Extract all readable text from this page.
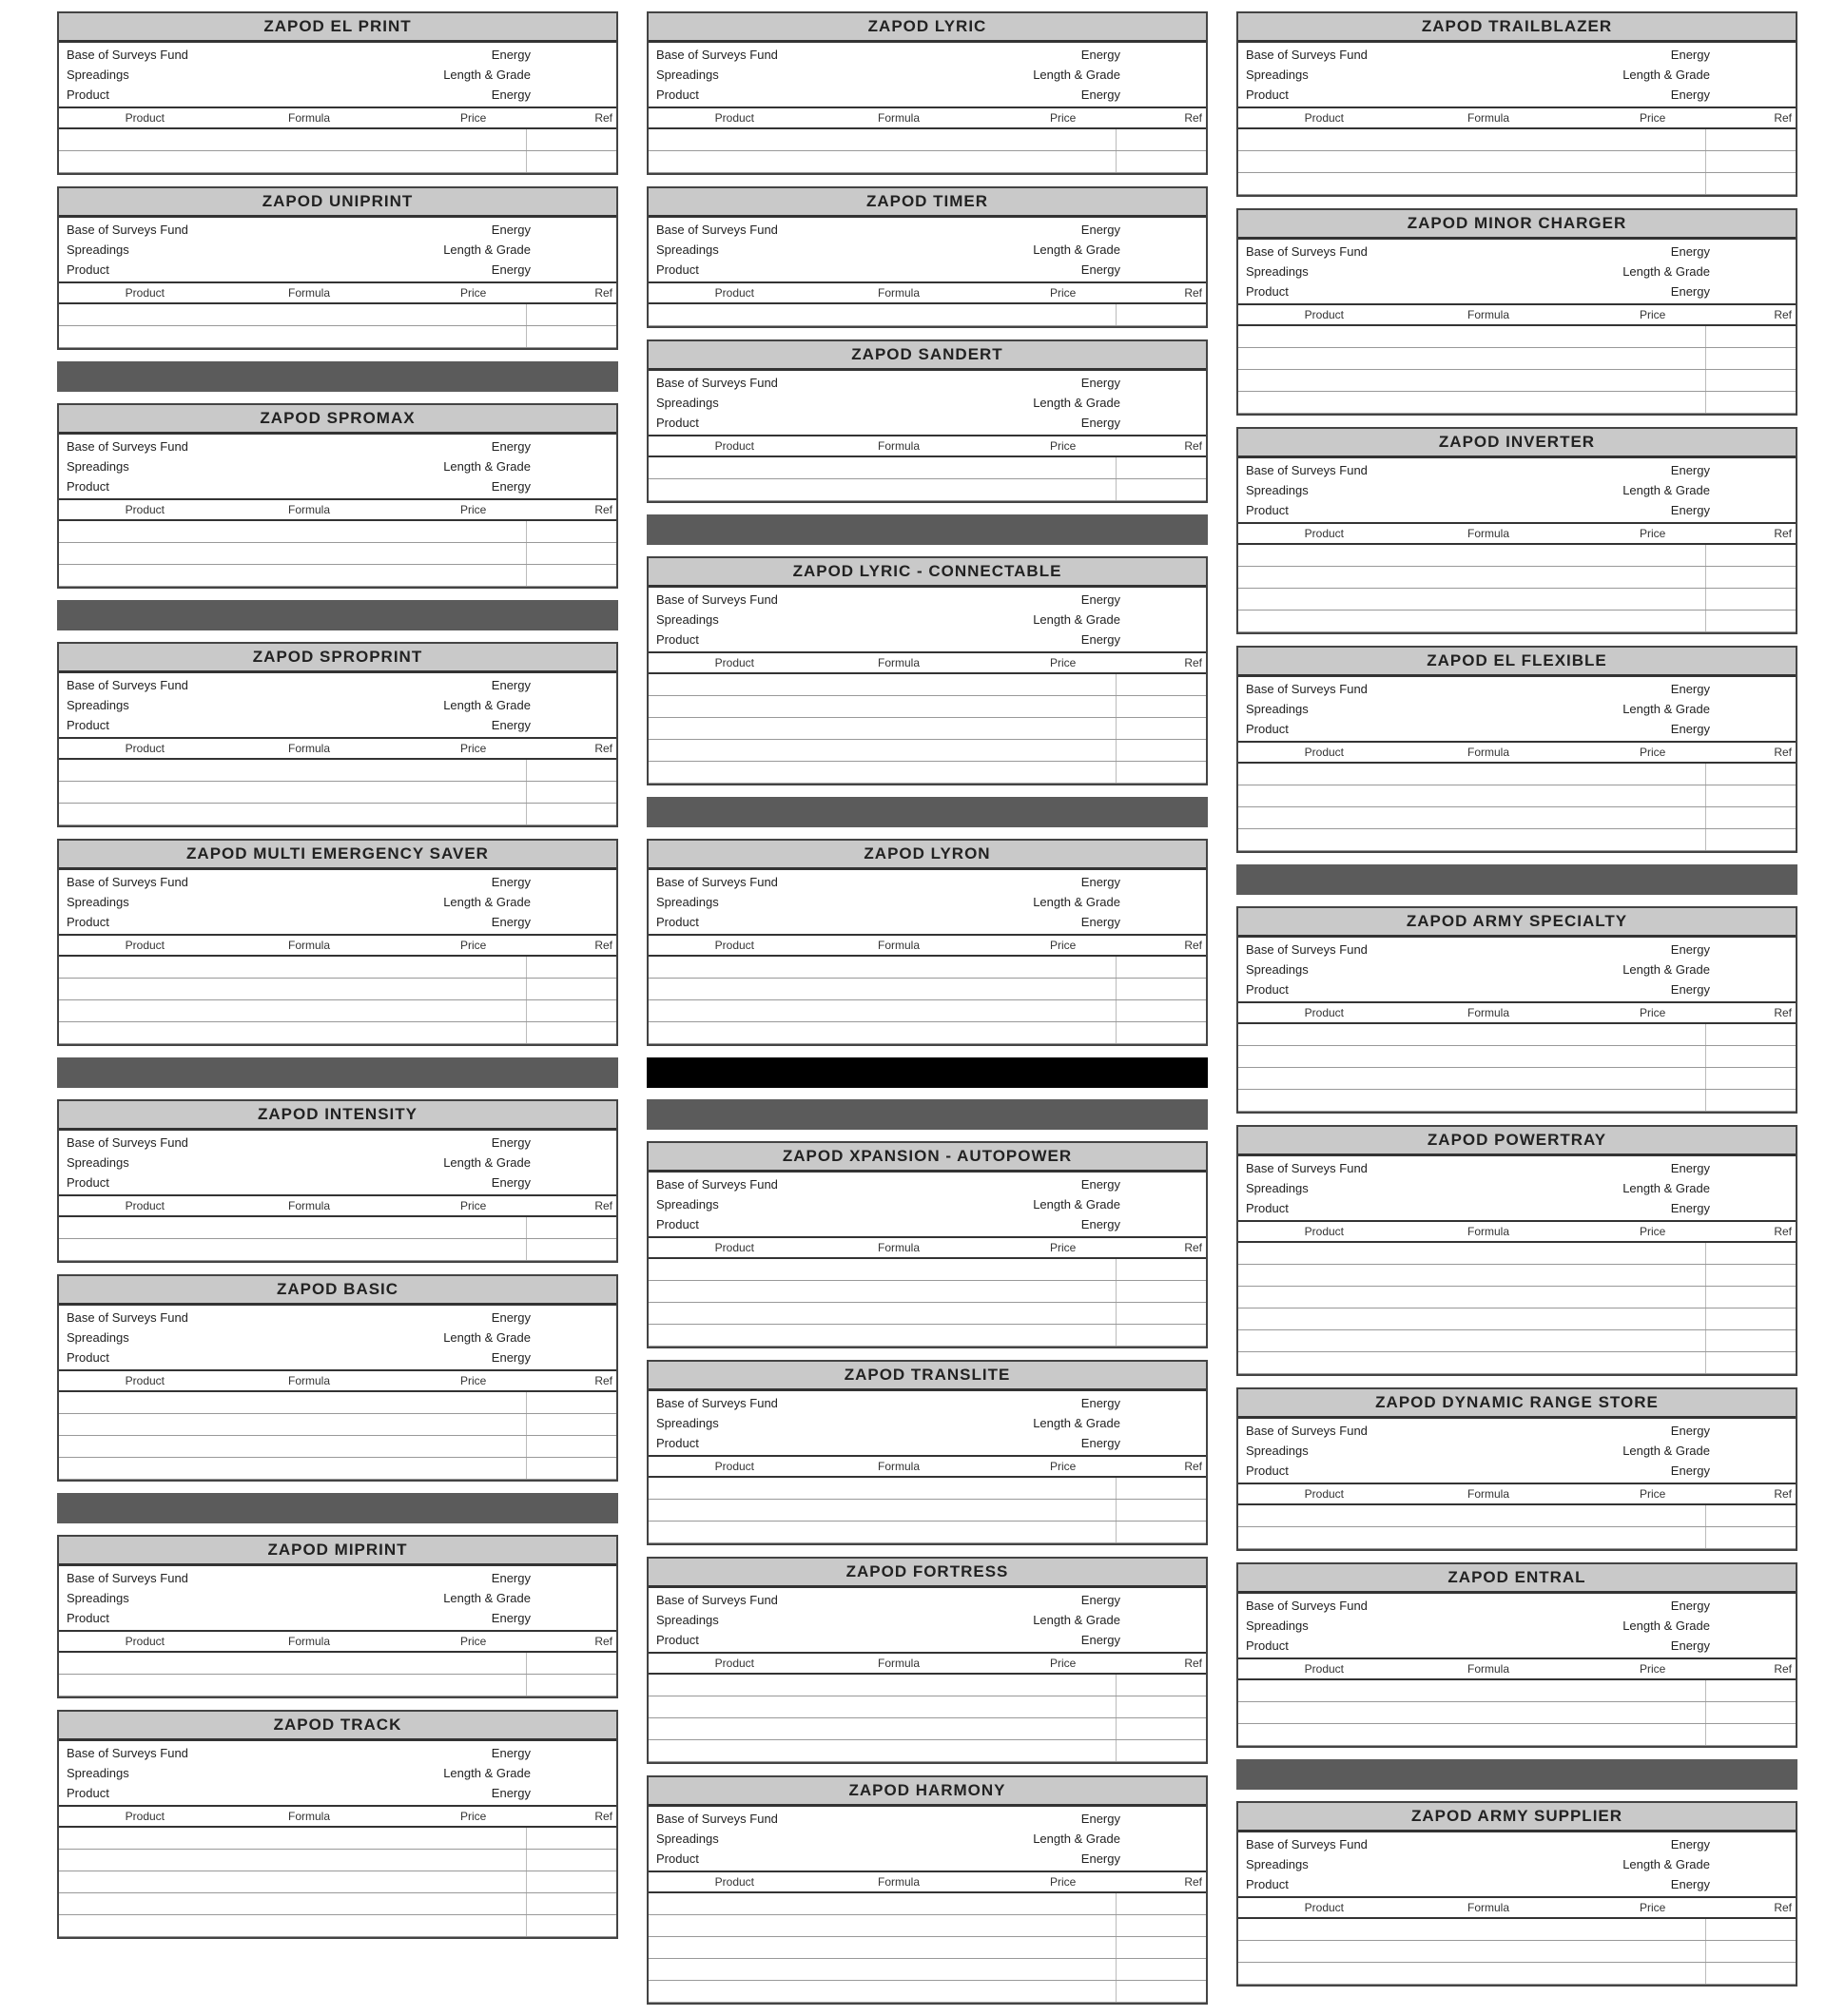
ZAPOD EL PRINT
Base of Surveys Fund	Energy
Spreadings	Length & Grade
Product	Energy
Product	Formula	Price	Ref
ZAPOD UNIPRINT
Base of Surveys Fund	Energy
Spreadings	Length & Grade
Product	Energy
Product	Formula	Price	Ref
ZAPOD SPROMAX
Base of Surveys Fund	Energy
Spreadings	Length & Grade
Product	Energy
Product	Formula	Price	Ref
ZAPOD SPROPRINT
Base of Surveys Fund	Energy
Spreadings	Length & Grade
Product	Energy
Product	Formula	Price	Ref
ZAPOD MULTI EMERGENCY SAVER
Base of Surveys Fund	Energy
Spreadings	Length & Grade
Product	Energy
Product	Formula	Price	Ref
ZAPOD INTENSITY
Base of Surveys Fund	Energy
Spreadings	Length & Grade
Product	Energy
Product	Formula	Price	Ref
ZAPOD BASIC
Base of Surveys Fund	Energy
Spreadings	Length & Grade
Product	Energy
Product	Formula	Price	Ref
ZAPOD MIPRINT
Base of Surveys Fund	Energy
Spreadings	Length & Grade
Product	Energy
Product	Formula	Price	Ref
ZAPOD TRACK
Base of Surveys Fund	Energy
Spreadings	Length & Grade
Product	Energy
Product	Formula	Price	Ref
ZAPOD LYRIC
Base of Surveys Fund	Energy
Spreadings	Length & Grade
Product	Energy
Product	Formula	Price	Ref
ZAPOD TIMER
Base of Surveys Fund	Energy
Spreadings	Length & Grade
Product	Energy
Product	Formula	Price	Ref
ZAPOD SANDERT
Base of Surveys Fund	Energy
Spreadings	Length & Grade
Product	Energy
Product	Formula	Price	Ref
ZAPOD LYRIC - CONNECTABLE
Base of Surveys Fund	Energy
Spreadings	Length & Grade
Product	Energy
Product	Formula	Price	Ref
ZAPOD LYRON
Base of Surveys Fund	Energy
Spreadings	Length & Grade
Product	Energy
Product	Formula	Price	Ref
ZAPOD XPANSION - AUTOPOWER
Base of Surveys Fund	Energy
Spreadings	Length & Grade
Product	Energy
Product	Formula	Price	Ref
ZAPOD TRANSLITE
Base of Surveys Fund	Energy
Spreadings	Length & Grade
Product	Energy
Product	Formula	Price	Ref
ZAPOD FORTRESS
Base of Surveys Fund	Energy
Spreadings	Length & Grade
Product	Energy
Product	Formula	Price	Ref
ZAPOD HARMONY
Base of Surveys Fund	Energy
Spreadings	Length & Grade
Product	Energy
Product	Formula	Price	Ref
ZAPOD TRAILBLAZER
Base of Surveys Fund	Energy
Spreadings	Length & Grade
Product	Energy
Product	Formula	Price	Ref
ZAPOD MINOR CHARGER
Base of Surveys Fund	Energy
Spreadings	Length & Grade
Product	Energy
Product	Formula	Price	Ref
ZAPOD INVERTER
Base of Surveys Fund	Energy
Spreadings	Length & Grade
Product	Energy
Product	Formula	Price	Ref
ZAPOD EL FLEXIBLE
Base of Surveys Fund	Energy
Spreadings	Length & Grade
Product	Energy
Product	Formula	Price	Ref
ZAPOD ARMY SPECIALTY
Base of Surveys Fund	Energy
Spreadings	Length & Grade
Product	Energy
Product	Formula	Price	Ref
ZAPOD POWERTRAY
Base of Surveys Fund	Energy
Spreadings	Length & Grade
Product	Energy
Product	Formula	Price	Ref
ZAPOD DYNAMIC RANGE STORE
Base of Surveys Fund	Energy
Spreadings	Length & Grade
Product	Energy
Product	Formula	Price	Ref
ZAPOD ENTRAL
Base of Surveys Fund	Energy
Spreadings	Length & Grade
Product	Energy
Product	Formula	Price	Ref
ZAPOD ARMY SUPPLIER
Base of Surveys Fund	Energy
Spreadings	Length & Grade
Product	Energy
Product	Formula	Price	Ref
